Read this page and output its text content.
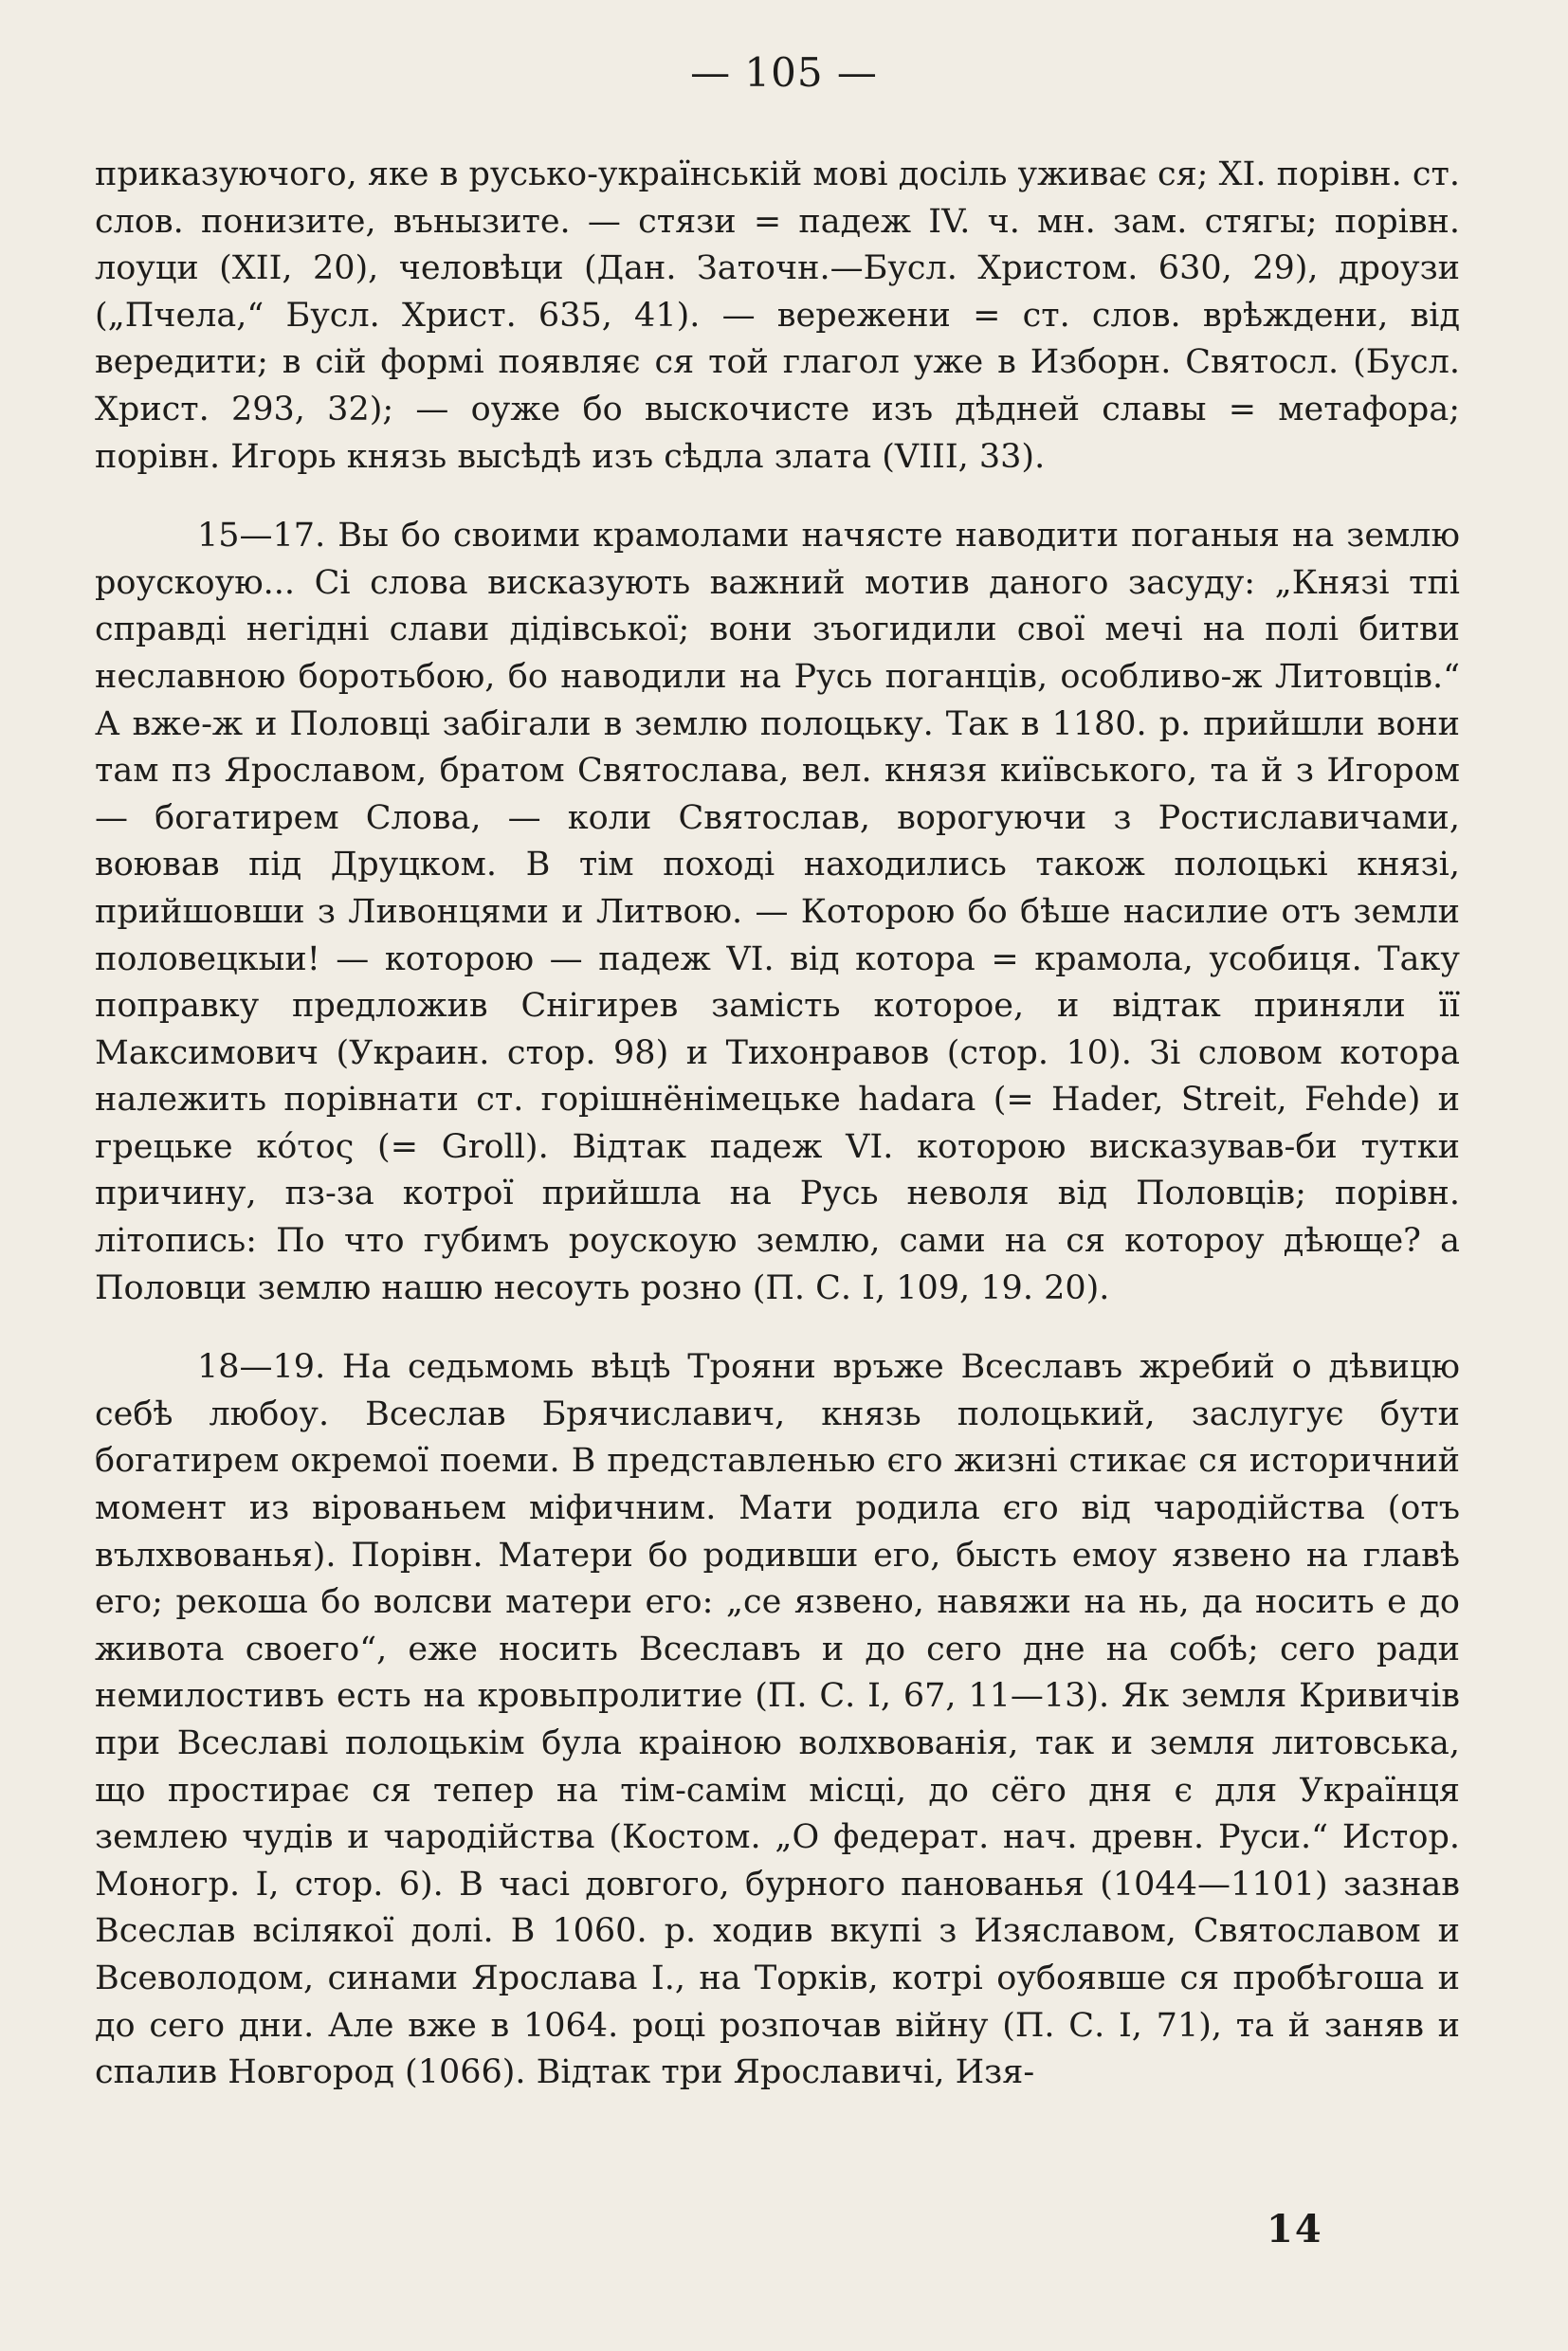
— 105 —

приказуючого, яке в русько-українській мові досіль уживає ся; XI. порівн. ст. слов. понизите, вънызите. — стязи = падеж IV. ч. мн. зам. стягы; порівн. лоуци (XII, 20), человѣци (Дан. Заточн.—Бусл. Христом. 630, 29), дроузи („Пчела,“ Бусл. Христ. 635, 41). — вережени = ст. слов. врѣждени, від вередити; в сій формі появляє ся той глагол уже в Изборн. Святосл. (Бусл. Христ. 293, 32); — оуже бо выскочисте изъ дѣдней славы = метафора; порівн. Игорь князь высѣдѣ изъ сѣдла злата (VIII, 33).

15—17. Вы бо своими крамолами начясте наводити поганыя на землю роускоую... Сі слова висказують важний мотив даного засуду: „Князі тпі справді негідні слави дідівської; вони зъогидили свої мечі на полі битви неславною боротьбою, бо наводили на Русь поганців, особливо-ж Литовців.“ А вже-ж и Половці забігали в землю полоцьку. Так в 1180. р. прийшли вони там пз Ярославом, братом Святослава, вел. князя київського, та й з Игором — богатирем Слова, — коли Святослав, ворогуючи з Ростиславичами, воював під Друцком. В тім поході находились також полоцькі князі, прийшовши з Ливонцями и Литвою. — Которою бо бѣше насилие отъ земли половецкыи! — которою — падеж VI. від котора = крамола, усобиця. Таку поправку предложив Снігирев замість которое, и відтак приняли її Максимович (Украин. стор. 98) и Тихонравов (стор. 10). Зі словом котора належить порівнати ст. горішнёнімецьке hadara (= Hader, Streit, Fehde) и грецьке κότος (= Groll). Відтак падеж VI. которою висказував-би тутки причину, пз-за котрої прийшла на Русь неволя від Половців; порівн. літопись: По что губимъ роускоую землю, сами на ся котороу дѣюще? а Половци землю нашю несоуть розно (П. С. I, 109, 19. 20).

18—19. На седьмомь вѣцѣ Трояни връже Всеславъ жребий о дѣвицю себѣ любоу. Всеслав Брячиславич, князь полоцький, заслугує бути богатирем окремої поеми. В представленью єго жизні стикає ся историчний момент из вірованьем міфичним. Мати родила єго від чародійства (отъ вълхвованья). Порівн. Матери бо родивши его, бысть емоу язвено на главѣ его; рекоша бо волсви матери его: „се язвено, навяжи на нь, да носить е до живота своего“, еже носить Всеславъ и до сего дне на собѣ; сего ради немилостивъ есть на кровьпролитие (П. С. I, 67, 11—13). Як земля Кривичів при Всеславі полоцькім була краіною волхвованія, так и земля литовська, що простирає ся тепер на тім-самім місці, до сёго дня є для Українця землею чудів и чародійства (Костом. „О федерат. нач. древн. Руси.“ Истор. Моногр. I, стор. 6). В часі довгого, бурного панованья (1044—1101) зазнав Всеслав всілякої долі. В 1060. р. ходив вкупі з Изяславом, Святославом и Всеволодом, синами Ярослава I., на Торків, котрі оубоявше ся пробѣгоша и до сего дни. Але вже в 1064. році розпочав війну (П. С. I, 71), та й заняв и спалив Новгород (1066). Відтак три Ярославичі, Изя-

14
